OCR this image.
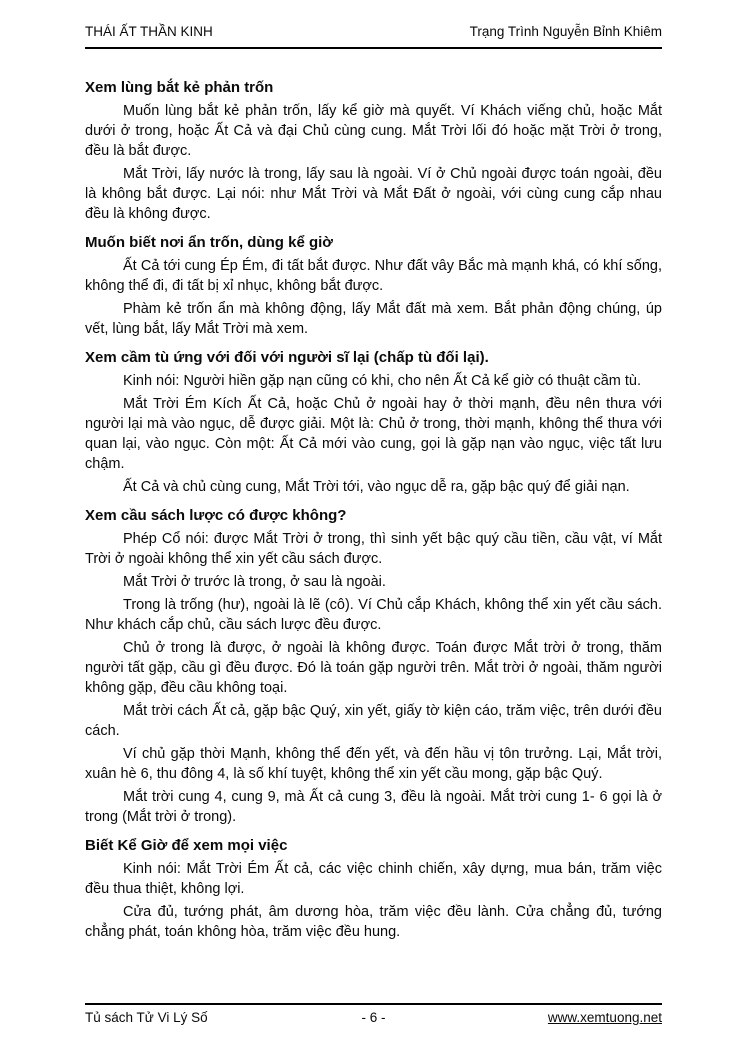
THÁI ẤT THẦN KINH	Trạng Trình Nguyễn Bỉnh Khiêm
Xem lùng bắt kẻ phản trốn

Muốn lùng bắt kẻ phản trốn, lấy kể giờ mà quyết. Ví Khách viếng chủ, hoặc Mắt dưới ở trong, hoặc Ất Cả và đại Chủ cùng cung. Mắt Trời lối đó hoặc mặt Trời ở trong, đều là bắt được.

Mắt Trời, lấy nước là trong, lấy sau là ngoài. Ví ở Chủ ngoài được toán ngoài, đều là không bắt được. Lại nói: như Mắt Trời và Mắt Đất ở ngoài, với cùng cung cắp nhau đều là không được.

Muốn biết nơi ẩn trốn, dùng kể giờ

Ất Cả tới cung Ép Ém, đi tất bắt được. Như đất vây Bắc mà mạnh khá, có khí sống, không thể đi, đi tất bị xỉ nhục, không bắt được.

Phàm kẻ trốn ẩn mà không động, lấy Mắt đất mà xem. Bắt phản động chúng, úp vết, lùng bắt, lấy Mắt Trời mà xem.

Xem cầm tù ứng với đối với người sĩ lại (chấp tù đối lại).

Kinh nói: Người hiền gặp nạn cũng có khi, cho nên Ất Cả kể giờ có thuật cầm tù.

Mắt Trời Ém Kích Ất Cả, hoặc Chủ ở ngoài hay ở thời mạnh, đều nên thưa với người lại mà vào ngục, dễ được giải. Một là: Chủ ở trong, thời mạnh, không thể thưa với quan lại, vào ngục. Còn một: Ất Cả mới vào cung, gọi là gặp nạn vào ngục, việc tất lưu chậm.

Ất Cả và chủ cùng cung, Mắt Trời tới, vào ngục dễ ra, gặp bậc quý để giải nạn.

Xem cầu sách lược có được không?

Phép Cổ nói: được Mắt Trời ở trong, thì sinh yết bậc quý cầu tiền, cầu vật, ví Mắt Trời ở ngoài không thể xin yết cầu sách được.

Mắt Trời ở trước là trong, ở sau là ngoài.

Trong là trống (hư), ngoài là lẽ (cô). Ví Chủ cắp Khách, không thể xin yết cầu sách. Như khách cắp chủ, cầu sách lược đều được.

Chủ ở trong là được, ở ngoài là không được. Toán được Mắt trời ở trong, thăm người tất gặp, cầu gì đều được. Đó là toán gặp người trên. Mắt trời ở ngoài, thăm người không gặp, đều cầu không toại.

Mắt trời cách Ất cả, gặp bậc Quý, xin yết, giấy tờ kiện cáo, trăm việc, trên dưới đều cách.

Ví chủ gặp thời Mạnh, không thể đến yết, và đến hầu vị tôn trưởng. Lại, Mắt trời, xuân hè 6, thu đông 4, là số khí tuyệt, không thể xin yết cầu mong, gặp bậc Quý.

Mắt trời cung 4, cung 9, mà Ất cả cung 3, đều là ngoài. Mắt trời cung 1- 6 gọi là ở trong (Mắt trời ở trong).

Biết Kể Giờ để xem mọi việc

Kinh nói: Mắt Trời Ém Ất cả, các việc chinh chiến, xây dựng, mua bán, trăm việc đều thua thiệt, không lợi.

Cửa đủ, tướng phát, âm dương hòa, trăm việc đều lành. Cửa chẳng đủ, tướng chẳng phát, toán không hòa, trăm việc đều hung.

Tủ sách Tử Vi Lý Số	- 6 -	www.xemtuong.net
